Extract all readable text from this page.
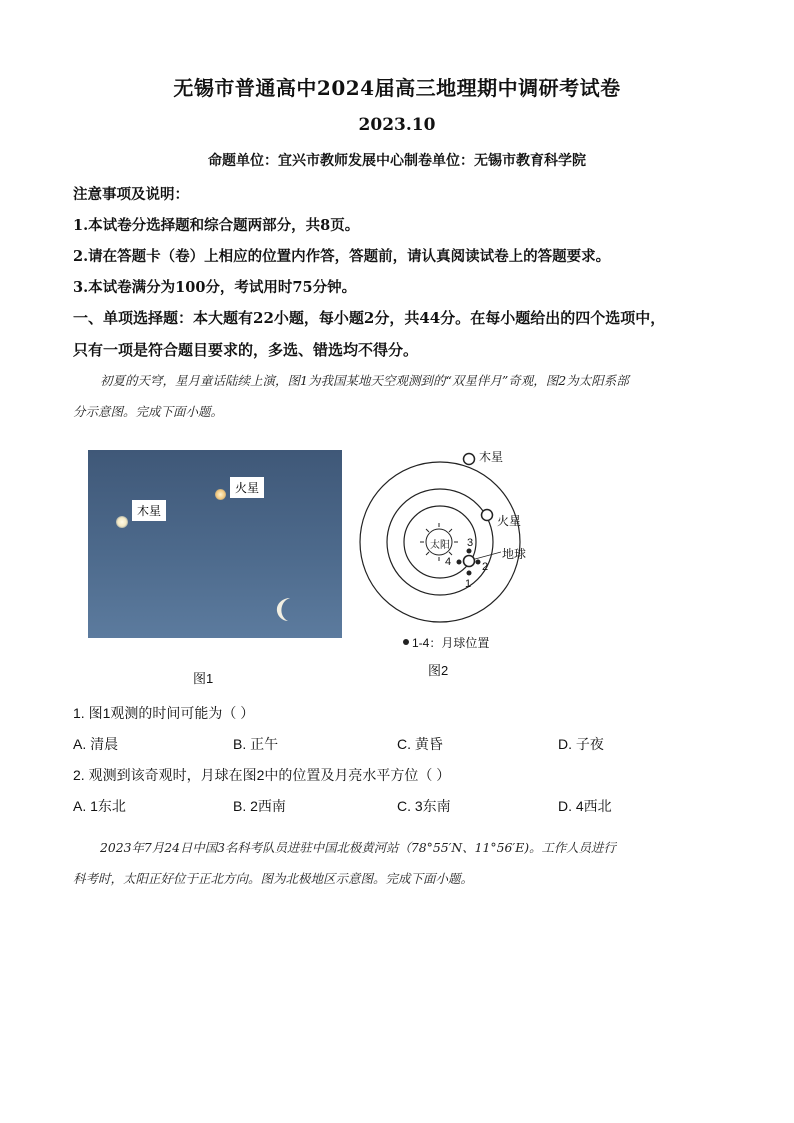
无锡市普通高中2024届高三地理期中调研考试卷
2023.10
命题单位：宜兴市教师发展中心制卷单位：无锡市教育科学院
注意事项及说明：
1.本试卷分选择题和综合题两部分，共8页。
2.请在答题卡（卷）上相应的位置内作答，答题前，请认真阅读试卷上的答题要求。
3.本试卷满分为100分，考试用时75分钟。
一、单项选择题：本大题有22小题，每小题2分，共44分。在每小题给出的四个选项中，
只有一项是符合题目要求的，多选、错选均不得分。
初夏的天穹，星月童话陆续上演，图1为我国某地天空观测到的“双星伴月”奇观，图2为太阳系部
分示意图。完成下面小题。
木星
火星
图1
木星
火星
地球
太阳
1
2
3
4
1-4：月球位置
图2
1. 图1观测的时间可能为（ ）
A. 清晨	B. 正午	C. 黄昏	D. 子夜
2. 观测到该奇观时，月球在图2中的位置及月亮水平方位（ ）
A. 1东北	B. 2西南	C. 3东南	D. 4西北
2023年7月24日中国3名科考队员进驻中国北极黄河站（78°55′N、11°56′E)。工作人员进行
科考时，太阳正好位于正北方向。图为北极地区示意图。完成下面小题。
